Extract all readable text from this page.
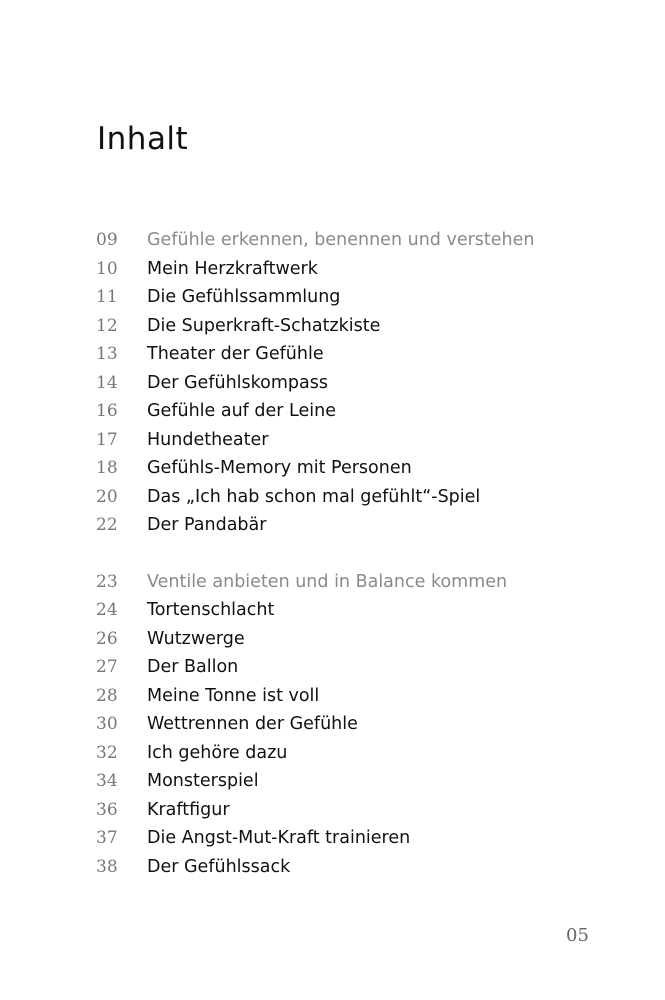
Inhalt
09	Gefühle erkennen, benennen und verstehen
10	Mein Herzkraftwerk
11	Die Gefühlssammlung
12	Die Superkraft-Schatzkiste
13	Theater der Gefühle
14	Der Gefühlskompass
16	Gefühle auf der Leine
17	Hundetheater
18	Gefühls-Memory mit Personen
20	Das „Ich hab schon mal gefühlt“-Spiel
22	Der Pandabär
23	Ventile anbieten und in Balance kommen
24	Tortenschlacht
26	Wutzwerge
27	Der Ballon
28	Meine Tonne ist voll
30	Wettrennen der Gefühle
32	Ich gehöre dazu
34	Monsterspiel
36	Kraftfigur
37	Die Angst-Mut-Kraft trainieren
38	Der Gefühlssack
05
